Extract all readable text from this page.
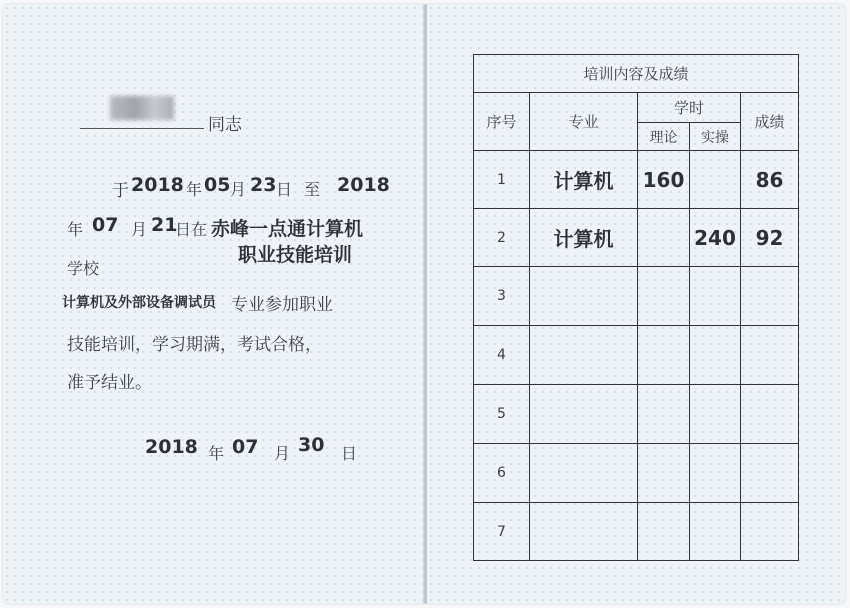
同志
于 2018 年 05 月 23 日 至 2018
年 07 月 21
日在 赤峰一点通计算机
职业技能培训
学校
计算机及外部设备调试员 专业参加职业
技能培训，学习期满，考试合格，
准予结业。
2018 年 07 月 30 日
培训内容及成绩				
序号	专业	学时		成绩
		理论	实操	
1	计算机	160		86
2	计算机		240	92
3				
4				
5				
6				
7				
